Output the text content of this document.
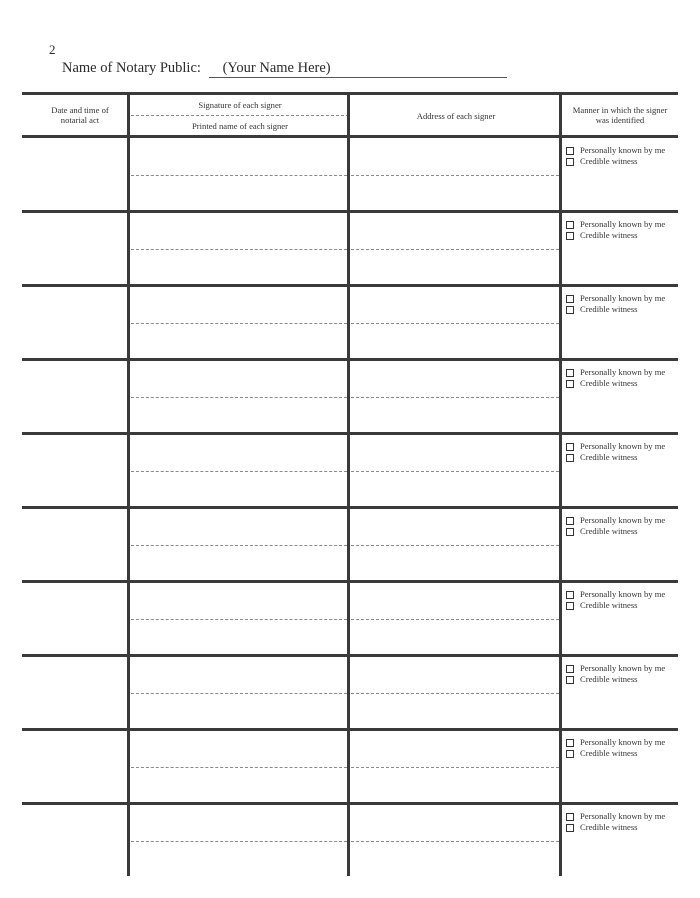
2
Name of Notary Public: (Your Name Here)
Date and time of notarial act
Signature of each signer
Printed name of each signer
Address of each signer
Manner in which the signer was identified
Personally known by me
Credible witness
Personally known by me
Credible witness
Personally known by me
Credible witness
Personally known by me
Credible witness
Personally known by me
Credible witness
Personally known by me
Credible witness
Personally known by me
Credible witness
Personally known by me
Credible witness
Personally known by me
Credible witness
Personally known by me
Credible witness
